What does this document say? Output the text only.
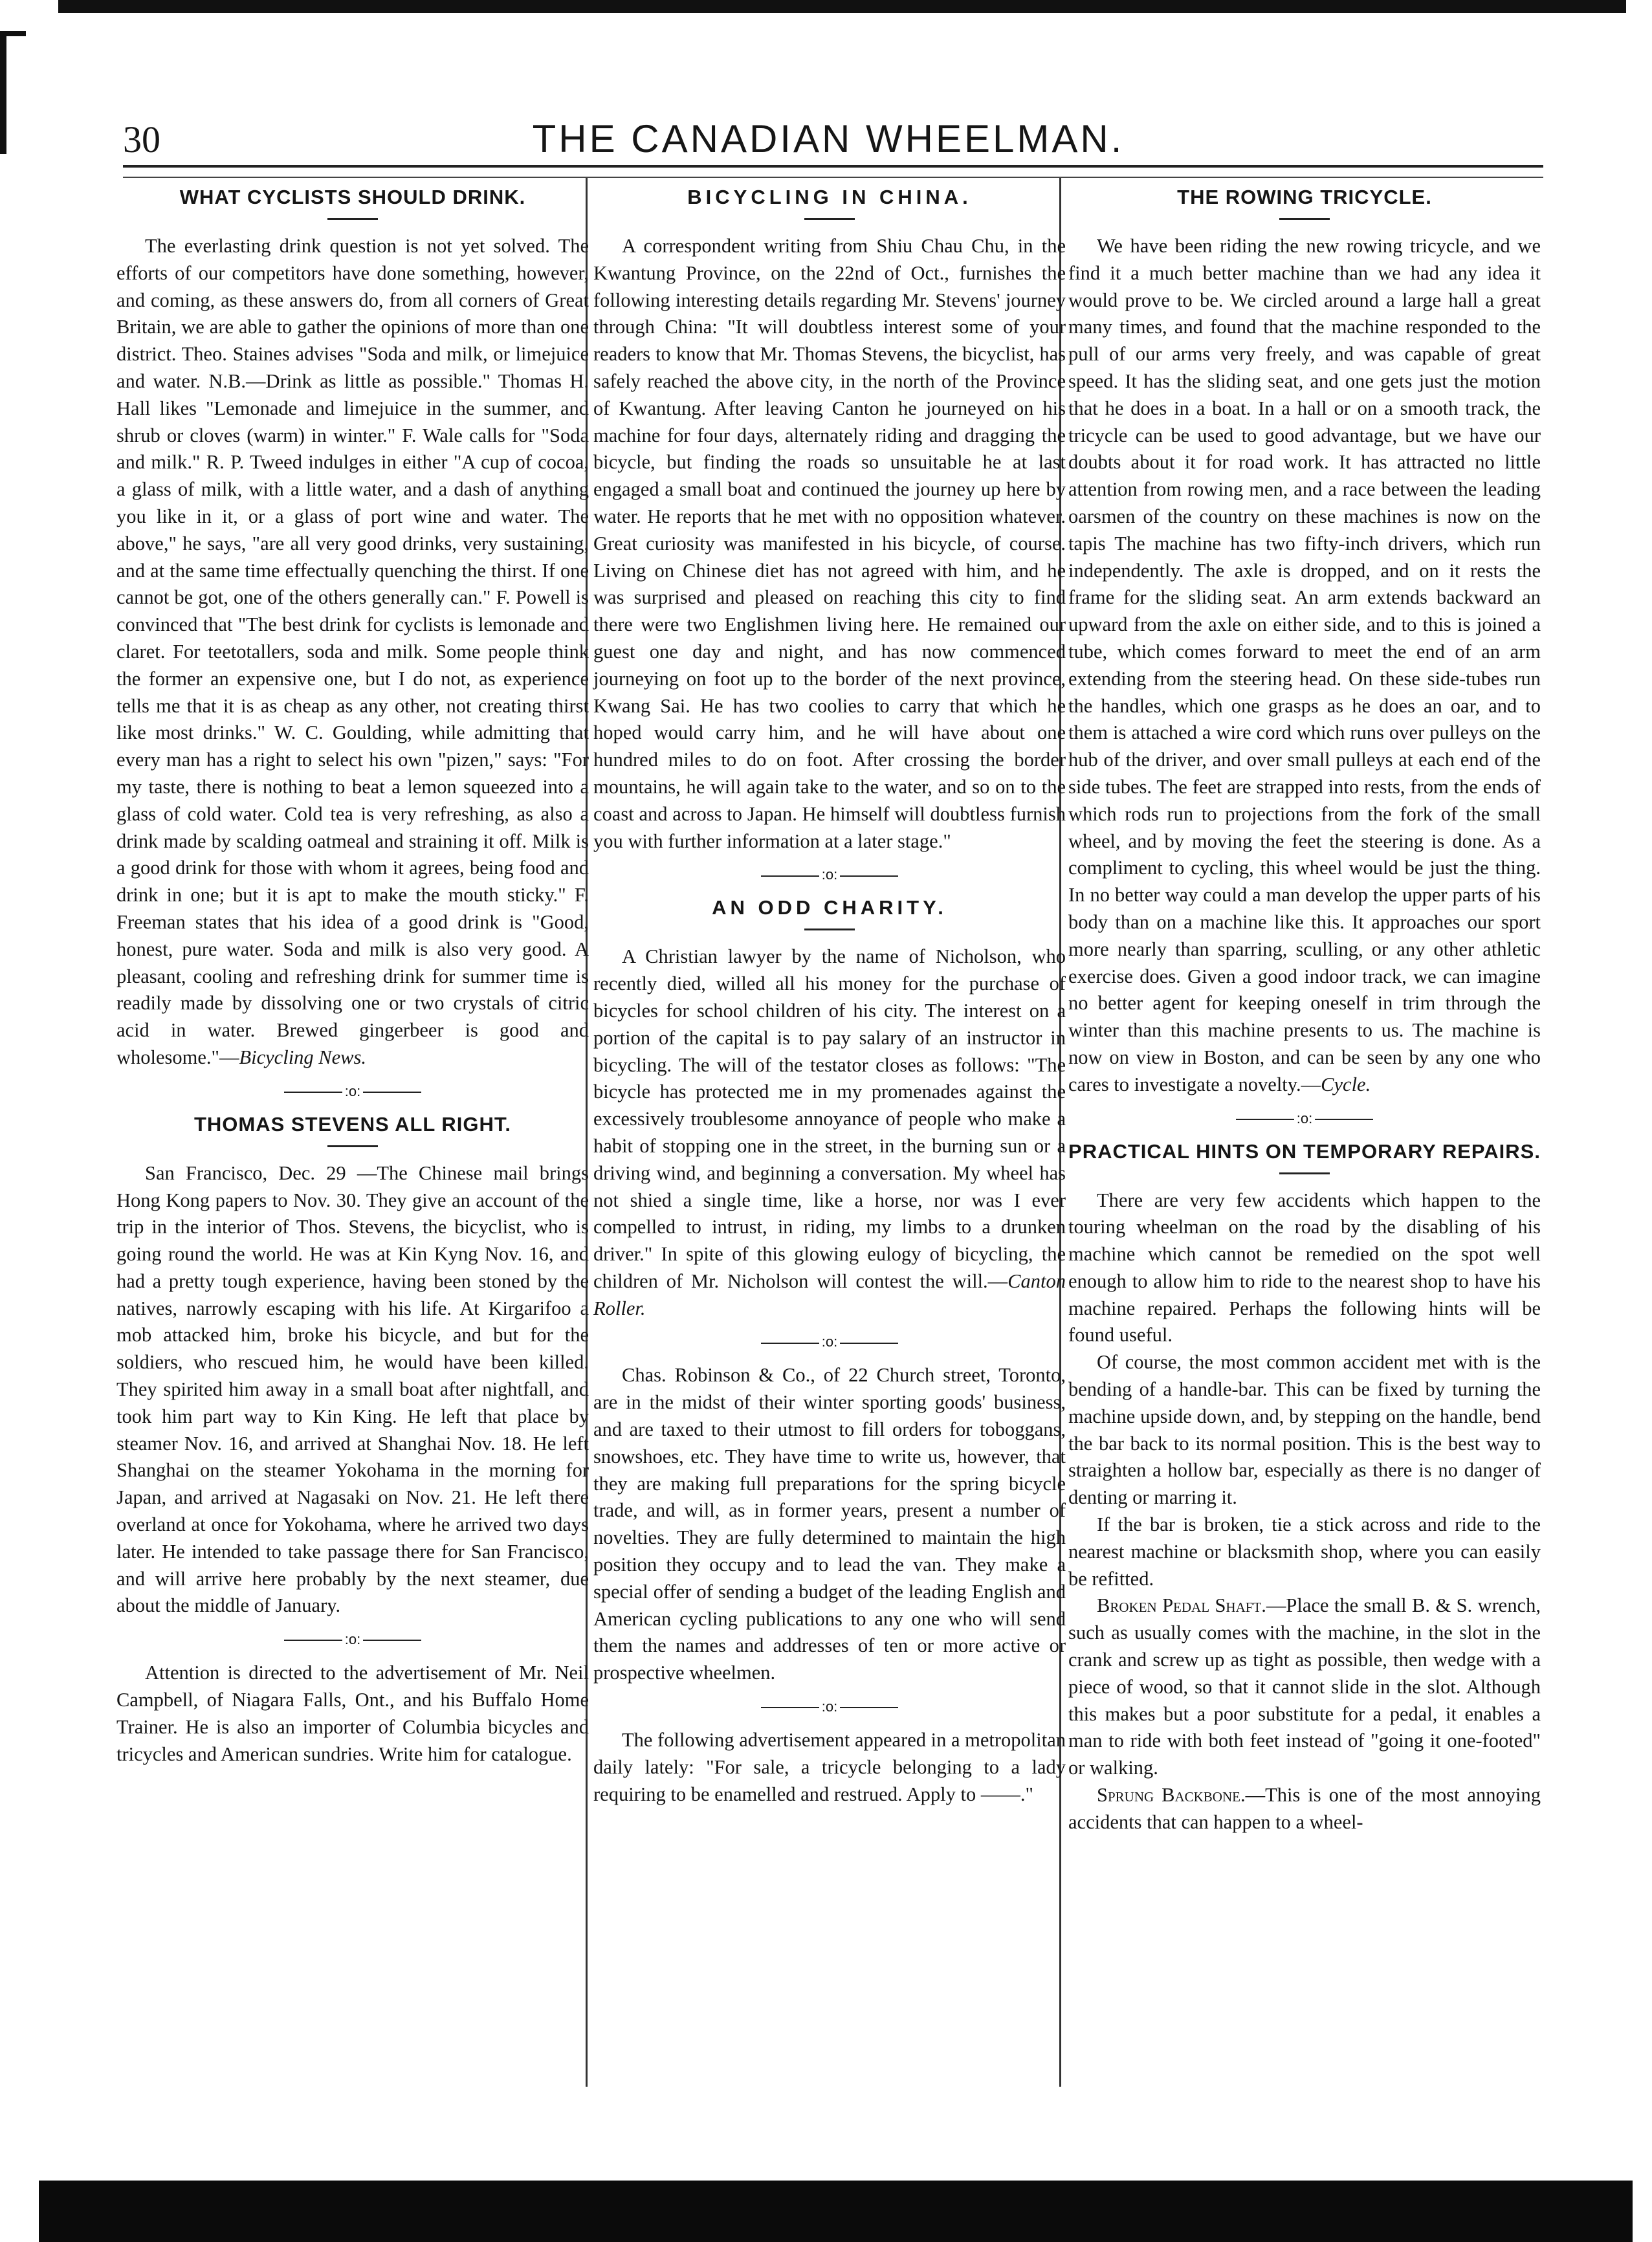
30	THE CANADIAN WHEELMAN.
WHAT CYCLISTS SHOULD DRINK.

The everlasting drink question is not yet solved. The efforts of our competitors have done something, however, and coming, as these answers do, from all corners of Great Britain, we are able to gather the opinions of more than one district. Theo. Staines advises "Soda and milk, or limejuice and water. N.B.—Drink as little as possible." Thomas H. Hall likes "Lemonade and limejuice in the summer, and shrub or cloves (warm) in winter." F. Wale calls for "Soda and milk." R. P. Tweed indulges in either "A cup of cocoa, a glass of milk, with a little water, and a dash of anything you like in it, or a glass of port wine and water. The above," he says, "are all very good drinks, very sustaining, and at the same time effectually quenching the thirst. If one cannot be got, one of the others generally can." F. Powell is convinced that "The best drink for cyclists is lemonade and claret. For teetotallers, soda and milk. Some people think the former an expensive one, but I do not, as experience tells me that it is as cheap as any other, not creating thirst like most drinks." W. C. Goulding, while admitting that every man has a right to select his own "pizen," says: "For my taste, there is nothing to beat a lemon squeezed into a glass of cold water. Cold tea is very refreshing, as also a drink made by scalding oatmeal and straining it off. Milk is a good drink for those with whom it agrees, being food and drink in one; but it is apt to make the mouth sticky." F. Freeman states that his idea of a good drink is "Good, honest, pure water. Soda and milk is also very good. A pleasant, cooling and refreshing drink for summer time is readily made by dissolving one or two crystals of citric acid in water. Brewed gingerbeer is good and wholesome."—Bicycling News.

:o:
THOMAS STEVENS ALL RIGHT.

San Francisco, Dec. 29 —The Chinese mail brings Hong Kong papers to Nov. 30. They give an account of the trip in the interior of Thos. Stevens, the bicyclist, who is going round the world. He was at Kin Kyng Nov. 16, and had a pretty tough experience, having been stoned by the natives, narrowly escaping with his life. At Kirgarifoo a mob attacked him, broke his bicycle, and but for the soldiers, who rescued him, he would have been killed. They spirited him away in a small boat after nightfall, and took him part way to Kin King. He left that place by steamer Nov. 16, and arrived at Shanghai Nov. 18. He left Shanghai on the steamer Yokohama in the morning for Japan, and arrived at Nagasaki on Nov. 21. He left there overland at once for Yokohama, where he arrived two days later. He intended to take passage there for San Francisco, and will arrive here probably by the next steamer, due about the middle of January.

:o:

Attention is directed to the advertisement of Mr. Neil Campbell, of Niagara Falls, Ont., and his Buffalo Home Trainer. He is also an importer of Columbia bicycles and tricycles and American sundries. Write him for catalogue.

BICYCLING IN CHINA.

A correspondent writing from Shiu Chau Chu, in the Kwantung Province, on the 22nd of Oct., furnishes the following interesting details regarding Mr. Stevens' journey through China: "It will doubtless interest some of your readers to know that Mr. Thomas Stevens, the bicyclist, has safely reached the above city, in the north of the Province of Kwantung. After leaving Canton he journeyed on his machine for four days, alternately riding and dragging the bicycle, but finding the roads so unsuitable he at last engaged a small boat and continued the journey up here by water. He reports that he met with no opposition whatever. Great curiosity was manifested in his bicycle, of course. Living on Chinese diet has not agreed with him, and he was surprised and pleased on reaching this city to find there were two Englishmen living here. He remained our guest one day and night, and has now commenced journeying on foot up to the border of the next province, Kwang Sai. He has two coolies to carry that which he hoped would carry him, and he will have about one hundred miles to do on foot. After crossing the border mountains, he will again take to the water, and so on to the coast and across to Japan. He himself will doubtless furnish you with further information at a later stage."

:o:
AN ODD CHARITY.

A Christian lawyer by the name of Nicholson, who recently died, willed all his money for the purchase of bicycles for school children of his city. The interest on a portion of the capital is to pay salary of an instructor in bicycling. The will of the testator closes as follows: "The bicycle has protected me in my promenades against the excessively troublesome annoyance of people who make a habit of stopping one in the street, in the burning sun or a driving wind, and beginning a conversation. My wheel has not shied a single time, like a horse, nor was I ever compelled to intrust, in riding, my limbs to a drunken driver." In spite of this glowing eulogy of bicycling, the children of Mr. Nicholson will contest the will.—Canton Roller.

:o:

Chas. Robinson & Co., of 22 Church street, Toronto, are in the midst of their winter sporting goods' business, and are taxed to their utmost to fill orders for toboggans, snowshoes, etc. They have time to write us, however, that they are making full preparations for the spring bicycle trade, and will, as in former years, present a number of novelties. They are fully determined to maintain the high position they occupy and to lead the van. They make a special offer of sending a budget of the leading English and American cycling publications to any one who will send them the names and addresses of ten or more active or prospective wheelmen.

:o:

The following advertisement appeared in a metropolitan daily lately: "For sale, a tricycle belonging to a lady requiring to be enamelled and restrued. Apply to ——."

THE ROWING TRICYCLE.

We have been riding the new rowing tricycle, and we find it a much better machine than we had any idea it would prove to be. We circled around a large hall a great many times, and found that the machine responded to the pull of our arms very freely, and was capable of great speed. It has the sliding seat, and one gets just the motion that he does in a boat. In a hall or on a smooth track, the tricycle can be used to good advantage, but we have our doubts about it for road work. It has attracted no little attention from rowing men, and a race between the leading oarsmen of the country on these machines is now on the tapis The machine has two fifty-inch drivers, which run independently. The axle is dropped, and on it rests the frame for the sliding seat. An arm extends backward an upward from the axle on either side, and to this is joined a tube, which comes forward to meet the end of an arm extending from the steering head. On these side-tubes run the handles, which one grasps as he does an oar, and to them is attached a wire cord which runs over pulleys on the hub of the driver, and over small pulleys at each end of the side tubes. The feet are strapped into rests, from the ends of which rods run to projections from the fork of the small wheel, and by moving the feet the steering is done. As a compliment to cycling, this wheel would be just the thing. In no better way could a man develop the upper parts of his body than on a machine like this. It approaches our sport more nearly than sparring, sculling, or any other athletic exercise does. Given a good indoor track, we can imagine no better agent for keeping oneself in trim through the winter than this machine presents to us. The machine is now on view in Boston, and can be seen by any one who cares to investigate a novelty.—Cycle.

:o:
PRACTICAL HINTS ON TEMPORARY REPAIRS.

There are very few accidents which happen to the touring wheelman on the road by the disabling of his machine which cannot be remedied on the spot well enough to allow him to ride to the nearest shop to have his machine repaired. Perhaps the following hints will be found useful.

Of course, the most common accident met with is the bending of a handle-bar. This can be fixed by turning the machine upside down, and, by stepping on the handle, bend the bar back to its normal position. This is the best way to straighten a hollow bar, especially as there is no danger of denting or marring it.

If the bar is broken, tie a stick across and ride to the nearest machine or blacksmith shop, where you can easily be refitted.

Broken Pedal Shaft.—Place the small B. & S. wrench, such as usually comes with the machine, in the slot in the crank and screw up as tight as possible, then wedge with a piece of wood, so that it cannot slide in the slot. Although this makes but a poor substitute for a pedal, it enables a man to ride with both feet instead of "going it one-footed" or walking.

Sprung Backbone.—This is one of the most annoying accidents that can happen to a wheel-
